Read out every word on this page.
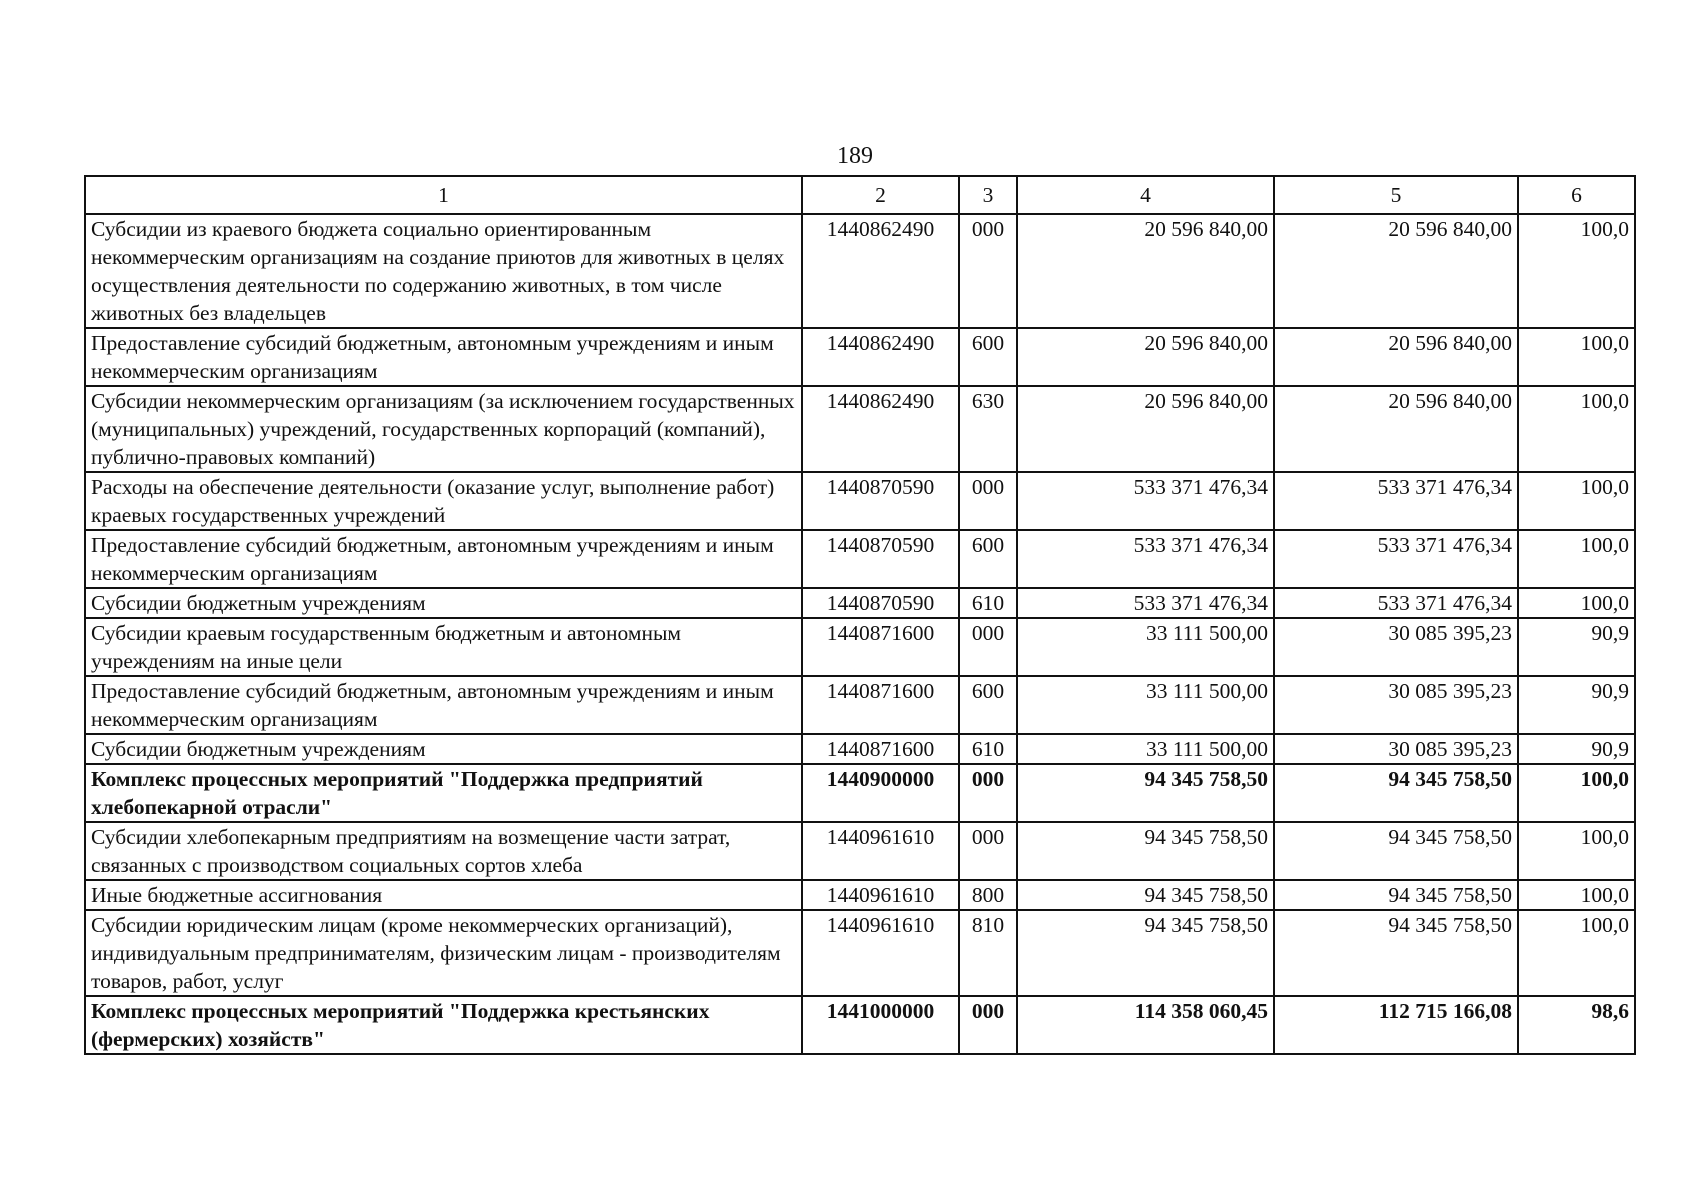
189
1	2	3	4	5	6
Субсидии из краевого бюджета социально ориентированным некоммерческим организациям на создание приютов для животных в целях осуществления деятельности по содержанию животных, в том числе животных без владельцев	1440862490	000	20 596 840,00	20 596 840,00	100,0
Предоставление субсидий бюджетным, автономным учреждениям и иным некоммерческим организациям	1440862490	600	20 596 840,00	20 596 840,00	100,0
Субсидии некоммерческим организациям (за исключением государственных (муниципальных) учреждений, государственных корпораций (компаний), публично-правовых компаний)	1440862490	630	20 596 840,00	20 596 840,00	100,0
Расходы на обеспечение деятельности (оказание услуг, выполнение работ) краевых государственных учреждений	1440870590	000	533 371 476,34	533 371 476,34	100,0
Предоставление субсидий бюджетным, автономным учреждениям и иным некоммерческим организациям	1440870590	600	533 371 476,34	533 371 476,34	100,0
Субсидии бюджетным учреждениям	1440870590	610	533 371 476,34	533 371 476,34	100,0
Субсидии краевым государственным бюджетным и автономным учреждениям на иные цели	1440871600	000	33 111 500,00	30 085 395,23	90,9
Предоставление субсидий бюджетным, автономным учреждениям и иным некоммерческим организациям	1440871600	600	33 111 500,00	30 085 395,23	90,9
Субсидии бюджетным учреждениям	1440871600	610	33 111 500,00	30 085 395,23	90,9
Комплекс процессных мероприятий "Поддержка предприятий хлебопекарной отрасли"	1440900000	000	94 345 758,50	94 345 758,50	100,0
Субсидии хлебопекарным предприятиям на возмещение части затрат, связанных с производством социальных сортов хлеба	1440961610	000	94 345 758,50	94 345 758,50	100,0
Иные бюджетные ассигнования	1440961610	800	94 345 758,50	94 345 758,50	100,0
Субсидии юридическим лицам (кроме некоммерческих организаций), индивидуальным предпринимателям, физическим лицам - производителям товаров, работ, услуг	1440961610	810	94 345 758,50	94 345 758,50	100,0
Комплекс процессных мероприятий "Поддержка крестьянских (фермерских) хозяйств"	1441000000	000	114 358 060,45	112 715 166,08	98,6
